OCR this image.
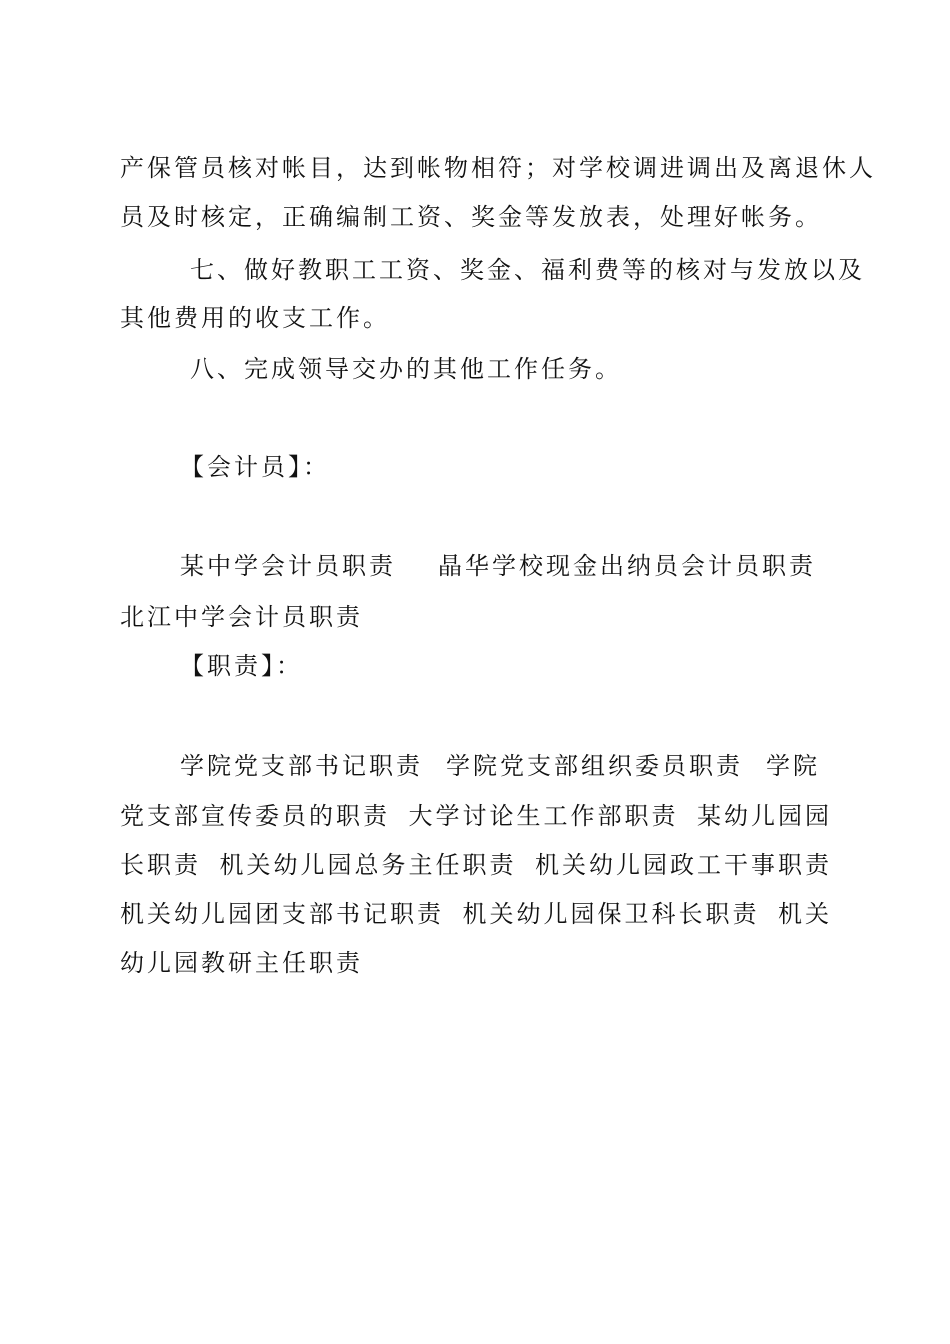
产保管员核对帐目，达到帐物相符；对学校调进调出及离退休人
员及时核定，正确编制工资、奖金等发放表，处理好帐务。
七、做好教职工工资、奖金、福利费等的核对与发放以及
其他费用的收支工作。
八、完成领导交办的其他工作任务。
【会计员】：
某中学会计员职责 晶华学校现金出纳员会计员职责
北江中学会计员职责
【职责】：
学院党支部书记职责 学院党支部组织委员职责 学院
党支部宣传委员的职责 大学讨论生工作部职责 某幼儿园园
长职责 机关幼儿园总务主任职责 机关幼儿园政工干事职责
机关幼儿园团支部书记职责 机关幼儿园保卫科长职责 机关
幼儿园教研主任职责
